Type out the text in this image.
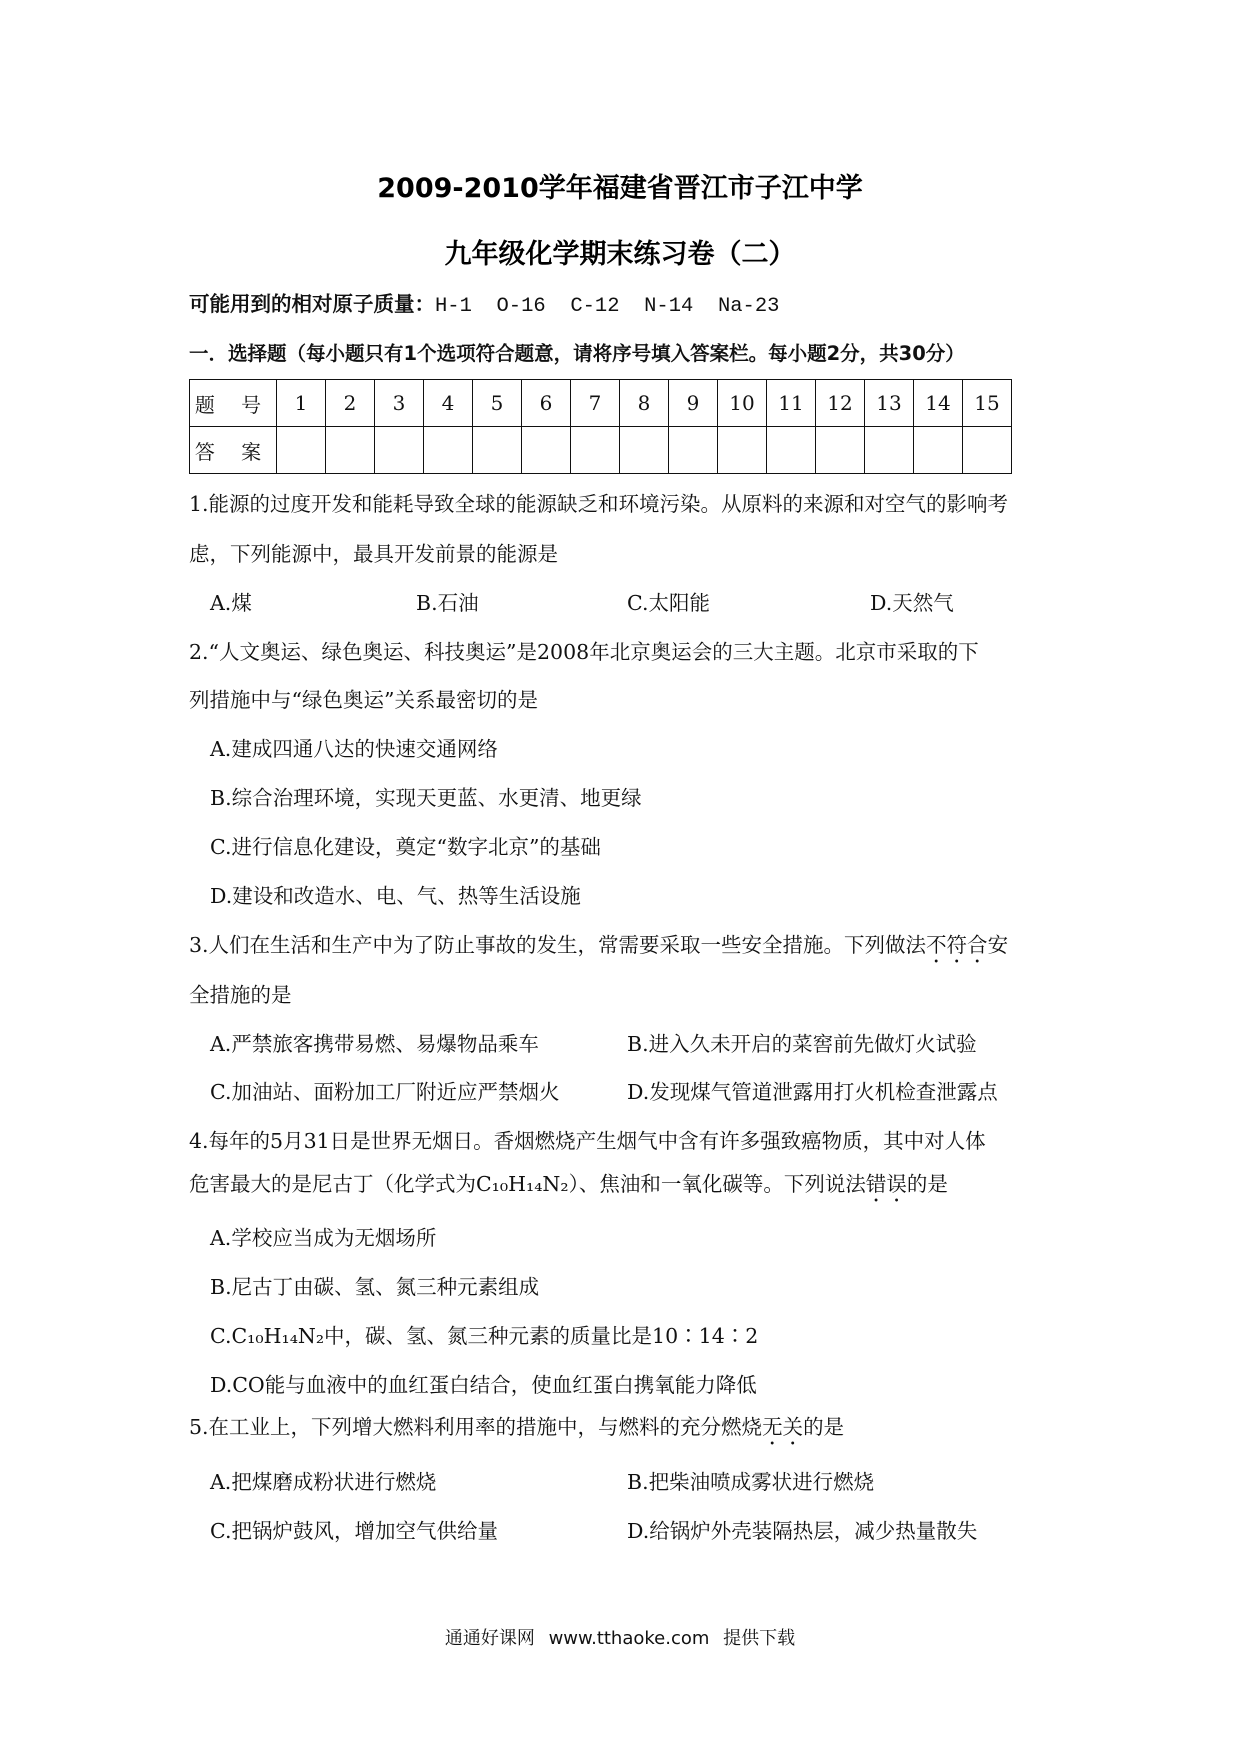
2009-2010学年福建省晋江市子江中学
九年级化学期末练习卷（二）
可能用到的相对原子质量：H-1  O-16  C-12  N-14  Na-23
一．选择题（每小题只有1个选项符合题意，请将序号填入答案栏。每小题2分，共30分）
题 号	1	2	3	4	5	6	7	8	9	10	11	12	13	14	15
答 案															
1.能源的过度开发和能耗导致全球的能源缺乏和环境污染。从原料的来源和对空气的影响考
虑，下列能源中，最具开发前景的能源是
A.煤	B.石油	C.太阳能	D.天然气
2.“人文奥运、绿色奥运、科技奥运”是2008年北京奥运会的三大主题。北京市采取的下
列措施中与“绿色奥运”关系最密切的是
A.建成四通八达的快速交通网络
B.综合治理环境，实现天更蓝、水更清、地更绿
C.进行信息化建设，奠定“数字北京”的基础
D.建设和改造水、电、气、热等生活设施
3.人们在生活和生产中为了防止事故的发生，常需要采取一些安全措施。下列做法不符合安
全措施的是
A.严禁旅客携带易燃、易爆物品乘车	B.进入久未开启的菜窖前先做灯火试验
C.加油站、面粉加工厂附近应严禁烟火	D.发现煤气管道泄露用打火机检查泄露点
4.每年的5月31日是世界无烟日。香烟燃烧产生烟气中含有许多强致癌物质，其中对人体
危害最大的是尼古丁（化学式为C₁₀H₁₄N₂）、焦油和一氧化碳等。下列说法错误的是
A.学校应当成为无烟场所
B.尼古丁由碳、氢、氮三种元素组成
C.C₁₀H₁₄N₂中，碳、氢、氮三种元素的质量比是10∶14∶2
D.CO能与血液中的血红蛋白结合，使血红蛋白携氧能力降低
5.在工业上，下列增大燃料利用率的措施中，与燃料的充分燃烧无关的是
A.把煤磨成粉状进行燃烧	B.把柴油喷成雾状进行燃烧
C.把锅炉鼓风，增加空气供给量	D.给锅炉外壳装隔热层，减少热量散失
通通好课网 www.tthaoke.com 提供下载
